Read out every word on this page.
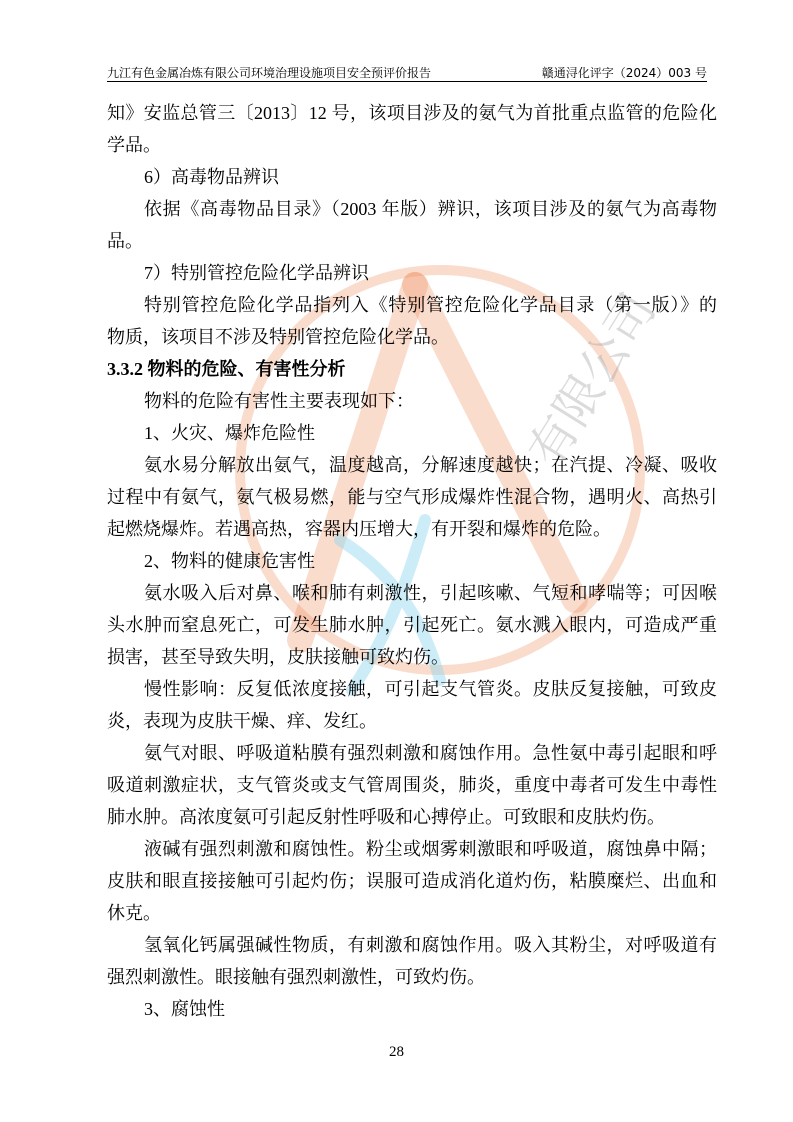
有限公司
九江有色金属冶炼有限公司环境治理设施项目安全预评价报告	赣通浔化评字（2024）003 号
知》安监总管三〔2013〕12 号，该项目涉及的氨气为首批重点监管的危险化
学品。
6）高毒物品辨识
依据《高毒物品目录》（2003 年版）辨识，该项目涉及的氨气为高毒物
品。
7）特别管控危险化学品辨识
特别管控危险化学品指列入《特别管控危险化学品目录（第一版）》的
物质，该项目不涉及特别管控危险化学品。
3.3.2 物料的危险、有害性分析
物料的危险有害性主要表现如下：
1、火灾、爆炸危险性
氨水易分解放出氨气，温度越高，分解速度越快；在汽提、冷凝、吸收
过程中有氨气，氨气极易燃，能与空气形成爆炸性混合物，遇明火、高热引
起燃烧爆炸。若遇高热，容器内压增大，有开裂和爆炸的危险。
2、物料的健康危害性
氨水吸入后对鼻、喉和肺有刺激性，引起咳嗽、气短和哮喘等；可因喉
头水肿而窒息死亡，可发生肺水肿，引起死亡。氨水溅入眼内，可造成严重
损害，甚至导致失明，皮肤接触可致灼伤。
慢性影响：反复低浓度接触，可引起支气管炎。皮肤反复接触，可致皮
炎，表现为皮肤干燥、痒、发红。
氨气对眼、呼吸道粘膜有强烈刺激和腐蚀作用。急性氨中毒引起眼和呼
吸道刺激症状，支气管炎或支气管周围炎，肺炎，重度中毒者可发生中毒性
肺水肿。高浓度氨可引起反射性呼吸和心搏停止。可致眼和皮肤灼伤。
液碱有强烈刺激和腐蚀性。粉尘或烟雾刺激眼和呼吸道，腐蚀鼻中隔；
皮肤和眼直接接触可引起灼伤；误服可造成消化道灼伤，粘膜糜烂、出血和
休克。
氢氧化钙属强碱性物质，有刺激和腐蚀作用。吸入其粉尘，对呼吸道有
强烈刺激性。眼接触有强烈刺激性，可致灼伤。
3、腐蚀性
28
